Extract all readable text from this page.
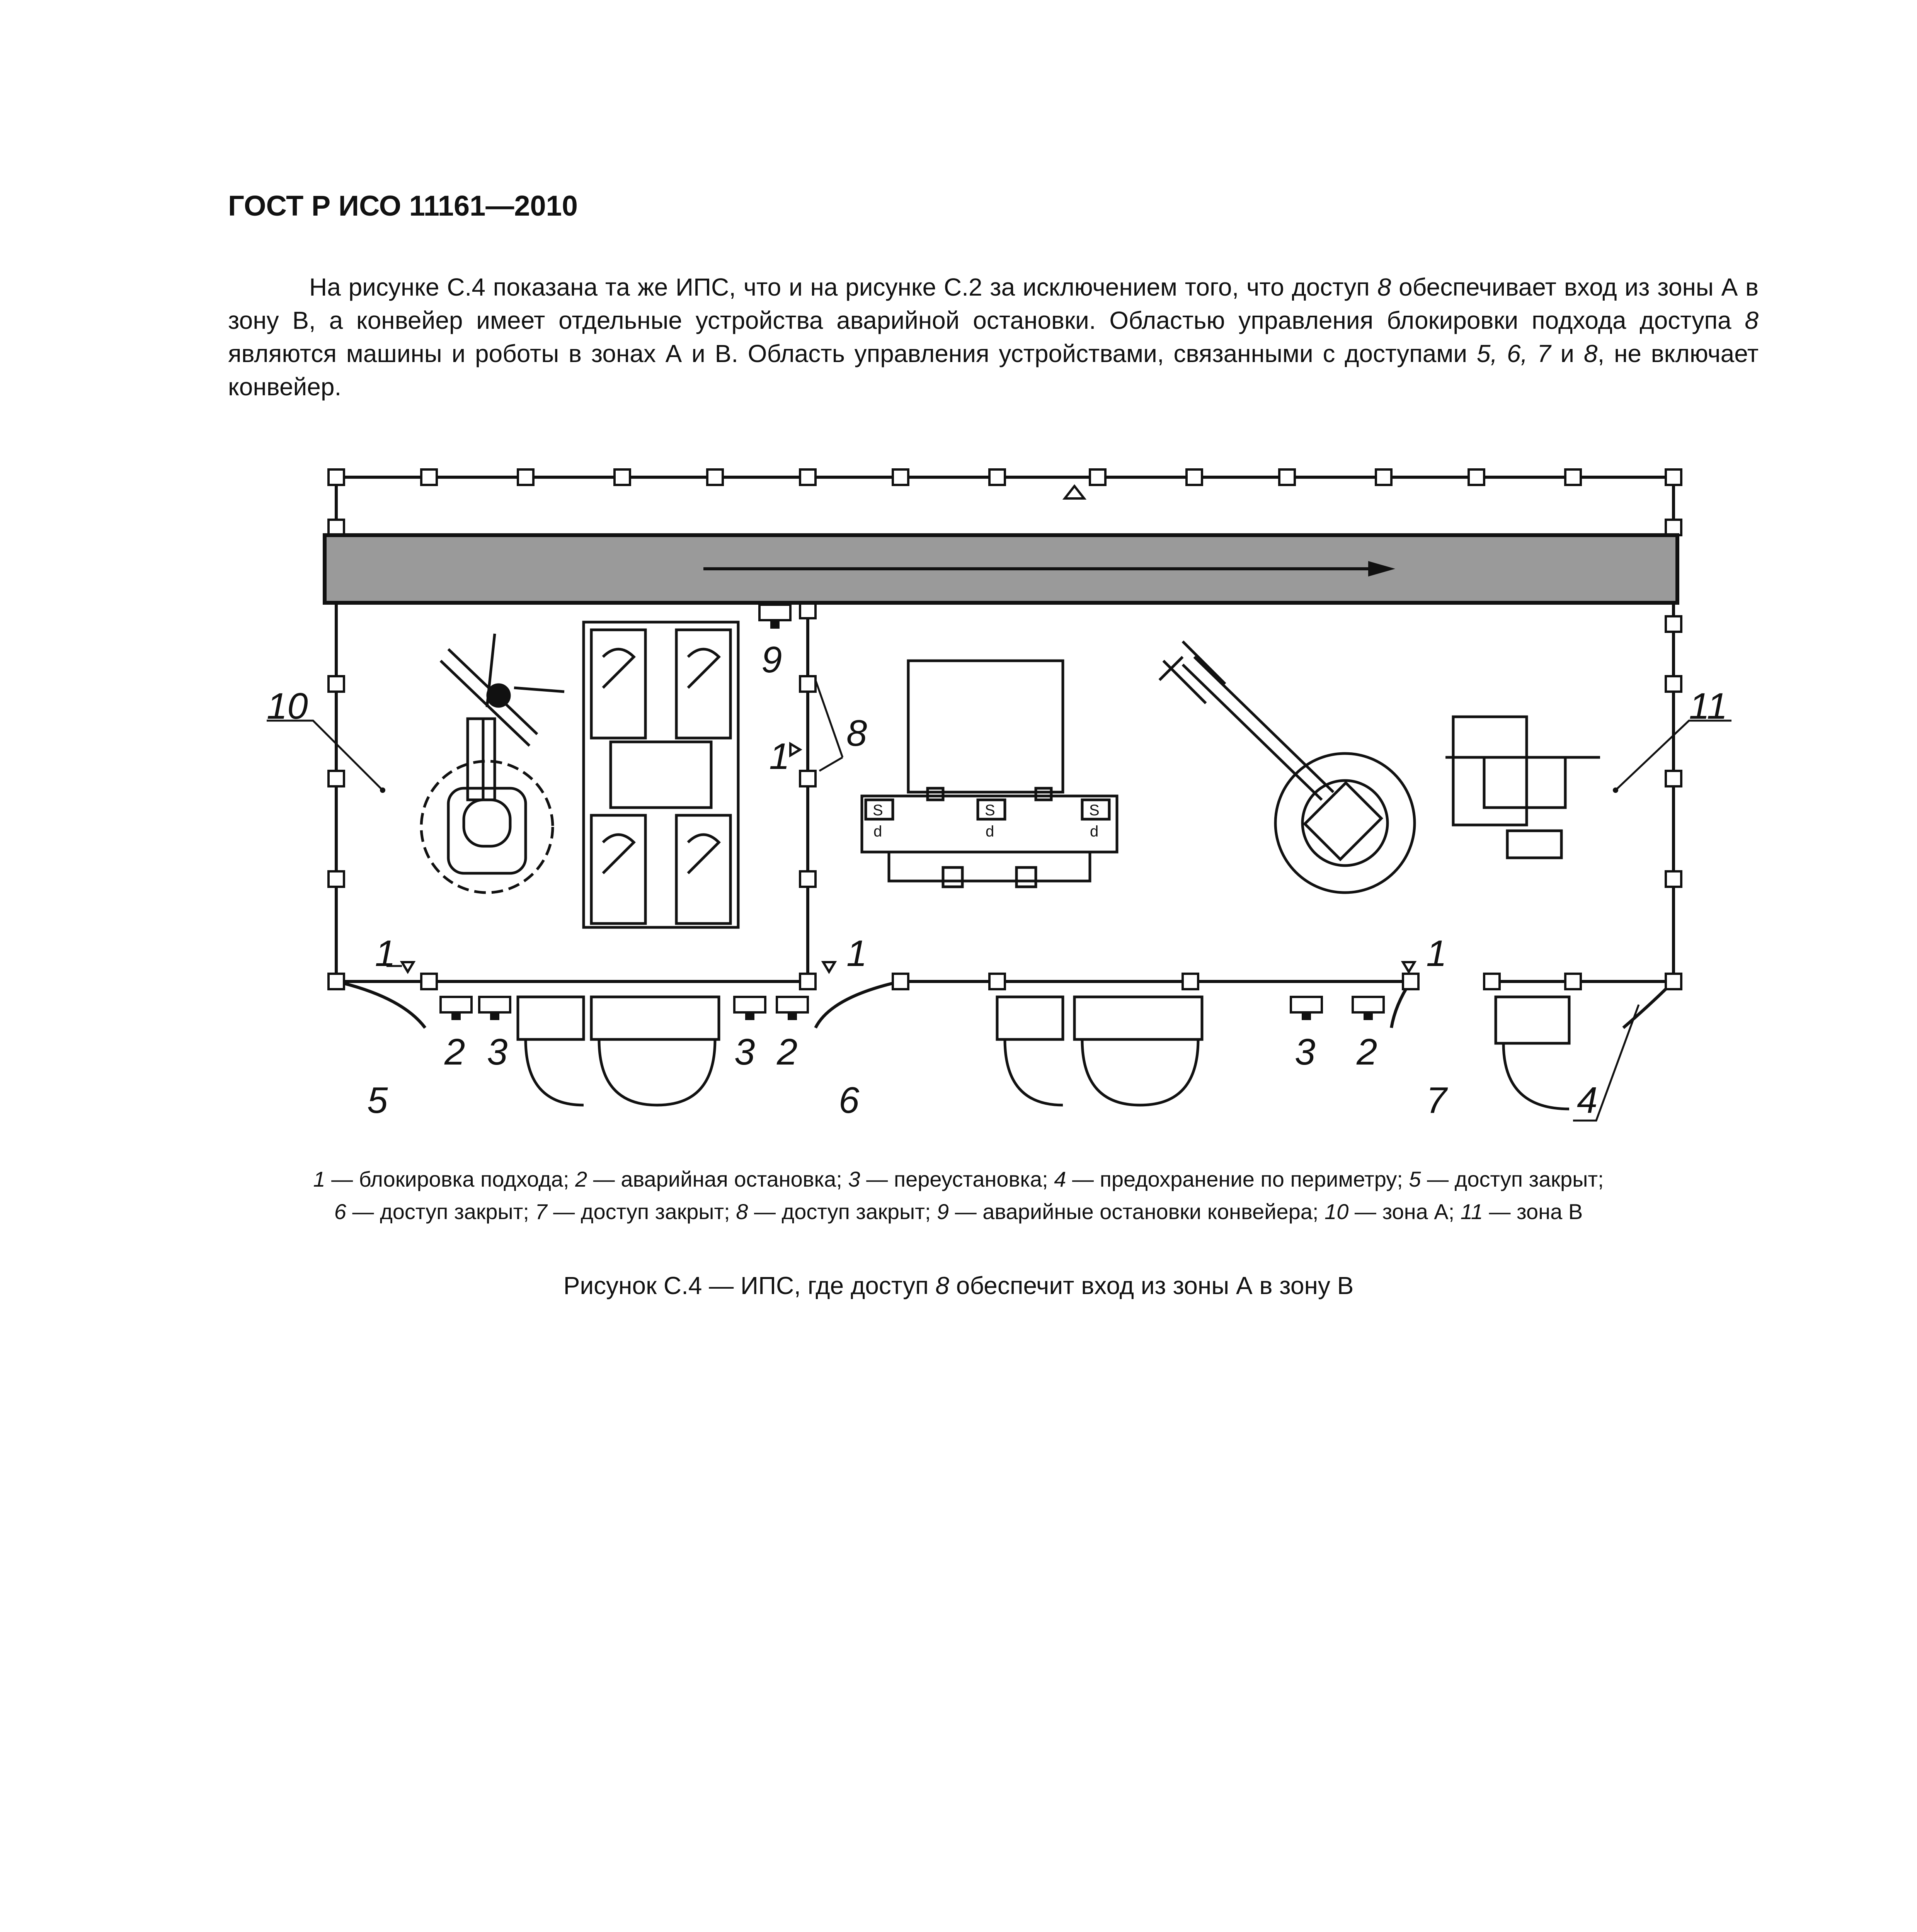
ГОСТ Р ИСО 11161—2010
На рисунке С.4 показана та же ИПС, что и на рисунке С.2 за исключением того, что доступ 8 обеспечивает вход из зоны А в зону В, а конвейер имеет отдельные устройства аварийной остановки. Областью управления блокировки подхода доступа 8 являются машины и роботы в зонах А и В. Область управления устройствами, связанными с доступами 5, 6, 7 и 8, не включает конвейер.
S	S	S
d	d	d
10	11
9
8
1
1	1	1
2 3	3 2	3 2
5	6	7	4
1 — блокировка подхода; 2 — аварийная остановка; 3 — переустановка; 4 — предохранение по периметру; 5 — доступ закрыт;
6 — доступ закрыт; 7 — доступ закрыт; 8 — доступ закрыт; 9 — аварийные остановки конвейера; 10 — зона А; 11 — зона В
Рисунок С.4 — ИПС, где доступ 8 обеспечит вход из зоны А в зону В
